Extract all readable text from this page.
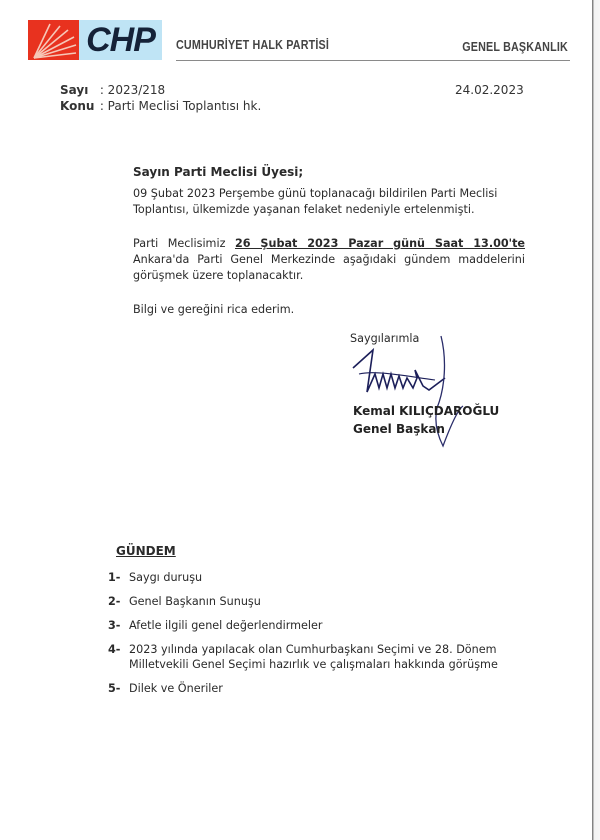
CHP CUMHURİYET HALK PARTİSİ	GENEL BAŞKANLIK
Sayı : 2023/218
Konu : Parti Meclisi Toplantısı hk.
24.02.2023
Sayın Parti Meclisi Üyesi;
09 Şubat 2023 Perşembe günü toplanacağı bildirilen Parti Meclisi Toplantısı, ülkemizde yaşanan felaket nedeniyle ertelenmişti.
Parti Meclisimiz 26 Şubat 2023 Pazar günü Saat 13.00'te Ankara'da Parti Genel Merkezinde aşağıdaki gündem maddelerini görüşmek üzere toplanacaktır.
Bilgi ve gereğini rica ederim.
Saygılarımla
Kemal KILIÇDAROĞLU
Genel Başkan
GÜNDEM
1- Saygı duruşu
2- Genel Başkanın Sunuşu
3- Afetle ilgili genel değerlendirmeler
4- 2023 yılında yapılacak olan Cumhurbaşkanı Seçimi ve 28. Dönem Milletvekili Genel Seçimi hazırlık ve çalışmaları hakkında görüşme
5- Dilek ve Öneriler
